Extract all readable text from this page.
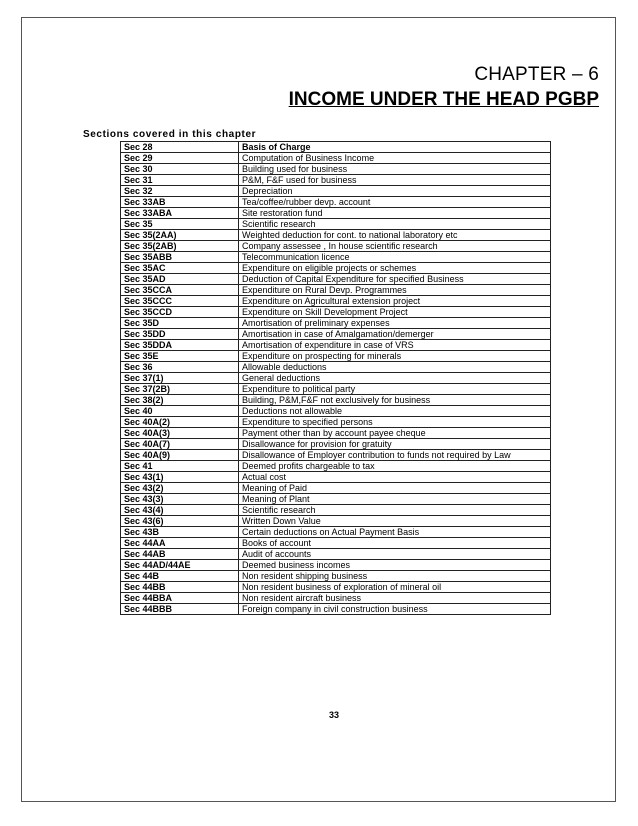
CHAPTER – 6
INCOME UNDER THE HEAD PGBP
Sections covered in this chapter
Sec 28	Basis of Charge
Sec 29	Computation of Business Income
Sec 30	Building used for business
Sec 31	P&M, F&F used for business
Sec 32	Depreciation
Sec 33AB	Tea/coffee/rubber devp. account
Sec 33ABA	Site restoration fund
Sec 35	Scientific research
Sec 35(2AA)	Weighted deduction for cont. to national laboratory etc
Sec 35(2AB)	Company assessee , In house scientific research
Sec 35ABB	Telecommunication licence
Sec 35AC	Expenditure on eligible projects or schemes
Sec 35AD	Deduction of Capital Expenditure for specified Business
Sec 35CCA	Expenditure on Rural Devp. Programmes
Sec 35CCC	Expenditure on Agricultural extension project
Sec 35CCD	Expenditure on Skill Development Project
Sec 35D	Amortisation of preliminary expenses
Sec 35DD	Amortisation in case of Amalgamation/demerger
Sec 35DDA	Amortisation of expenditure in case of VRS
Sec 35E	Expenditure on prospecting for minerals
Sec 36	Allowable deductions
Sec 37(1)	General deductions
Sec 37(2B)	Expenditure to political party
Sec 38(2)	Building, P&M,F&F not exclusively for business
Sec 40	Deductions not allowable
Sec 40A(2)	Expenditure to specified persons
Sec 40A(3)	Payment other than by account payee cheque
Sec 40A(7)	Disallowance for provision for gratuity
Sec 40A(9)	Disallowance of Employer contribution to funds not required by Law
Sec 41	Deemed profits chargeable to tax
Sec 43(1)	Actual cost
Sec 43(2)	Meaning of Paid
Sec 43(3)	Meaning of Plant
Sec 43(4)	Scientific research
Sec 43(6)	Written Down Value
Sec 43B	Certain deductions on Actual Payment Basis
Sec 44AA	Books of account
Sec 44AB	Audit of accounts
Sec 44AD/44AE	Deemed business incomes
Sec 44B	Non resident shipping business
Sec 44BB	Non resident business of exploration of mineral oil
Sec 44BBA	Non resident aircraft business
Sec 44BBB	Foreign company in civil construction business
33
